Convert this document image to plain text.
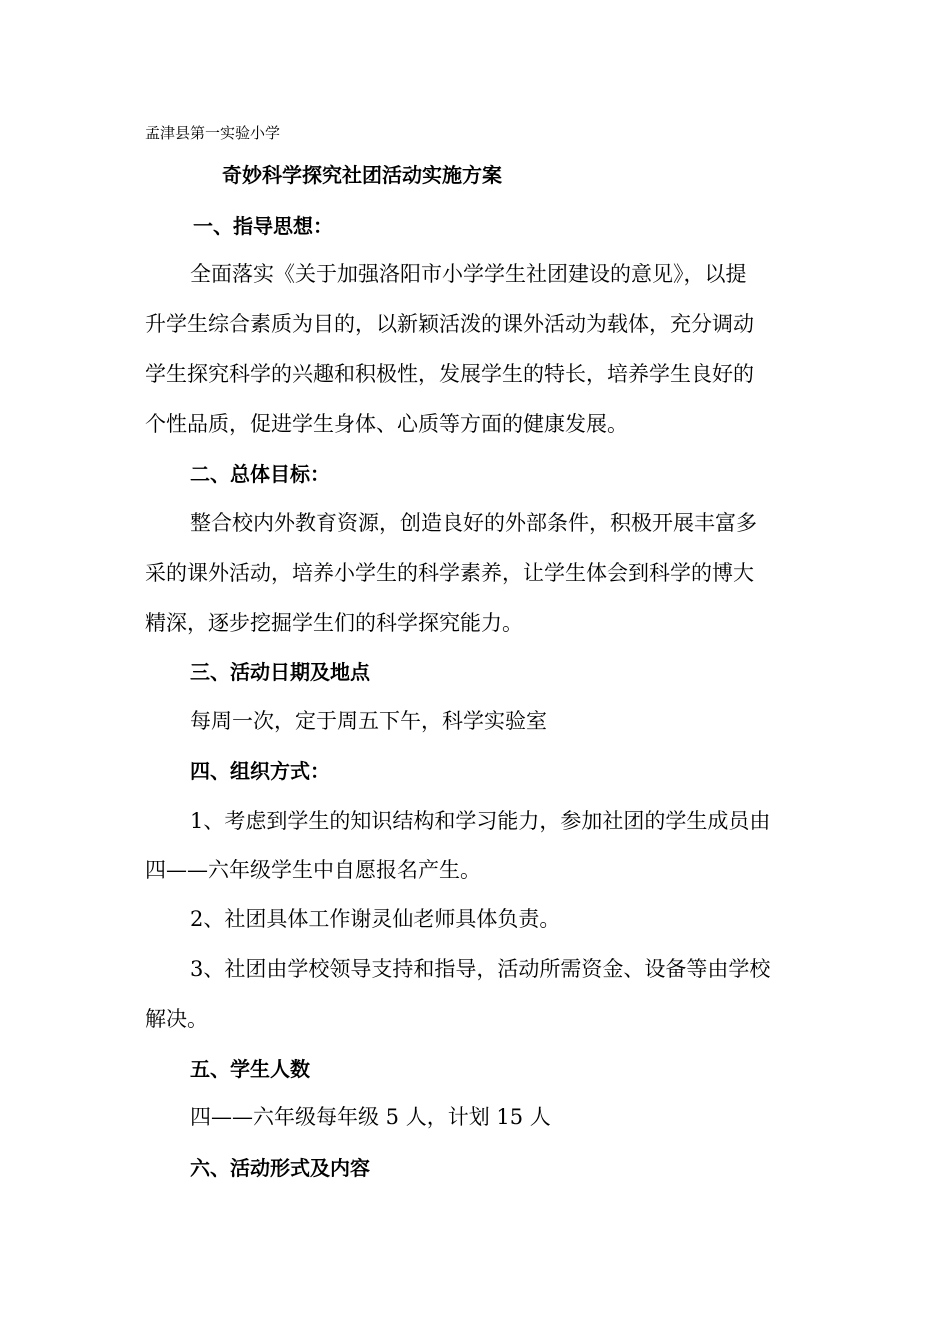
孟津县第一实验小学
奇妙科学探究社团活动实施方案
一、指导思想：
全面落实《关于加强洛阳市小学学生社团建设的意见》，以提
升学生综合素质为目的，以新颖活泼的课外活动为载体，充分调动
学生探究科学的兴趣和积极性，发展学生的特长，培养学生良好的
个性品质，促进学生身体、心质等方面的健康发展。
二、总体目标：
整合校内外教育资源，创造良好的外部条件，积极开展丰富多
采的课外活动，培养小学生的科学素养，让学生体会到科学的博大
精深，逐步挖掘学生们的科学探究能力。
三、活动日期及地点
每周一次，定于周五下午，科学实验室
四、组织方式：
1、考虑到学生的知识结构和学习能力，参加社团的学生成员由
四——六年级学生中自愿报名产生。
2、社团具体工作谢灵仙老师具体负责。
3、社团由学校领导支持和指导，活动所需资金、设备等由学校
解决。
五、学生人数
四——六年级每年级 5 人，计划 15 人
六、活动形式及内容
